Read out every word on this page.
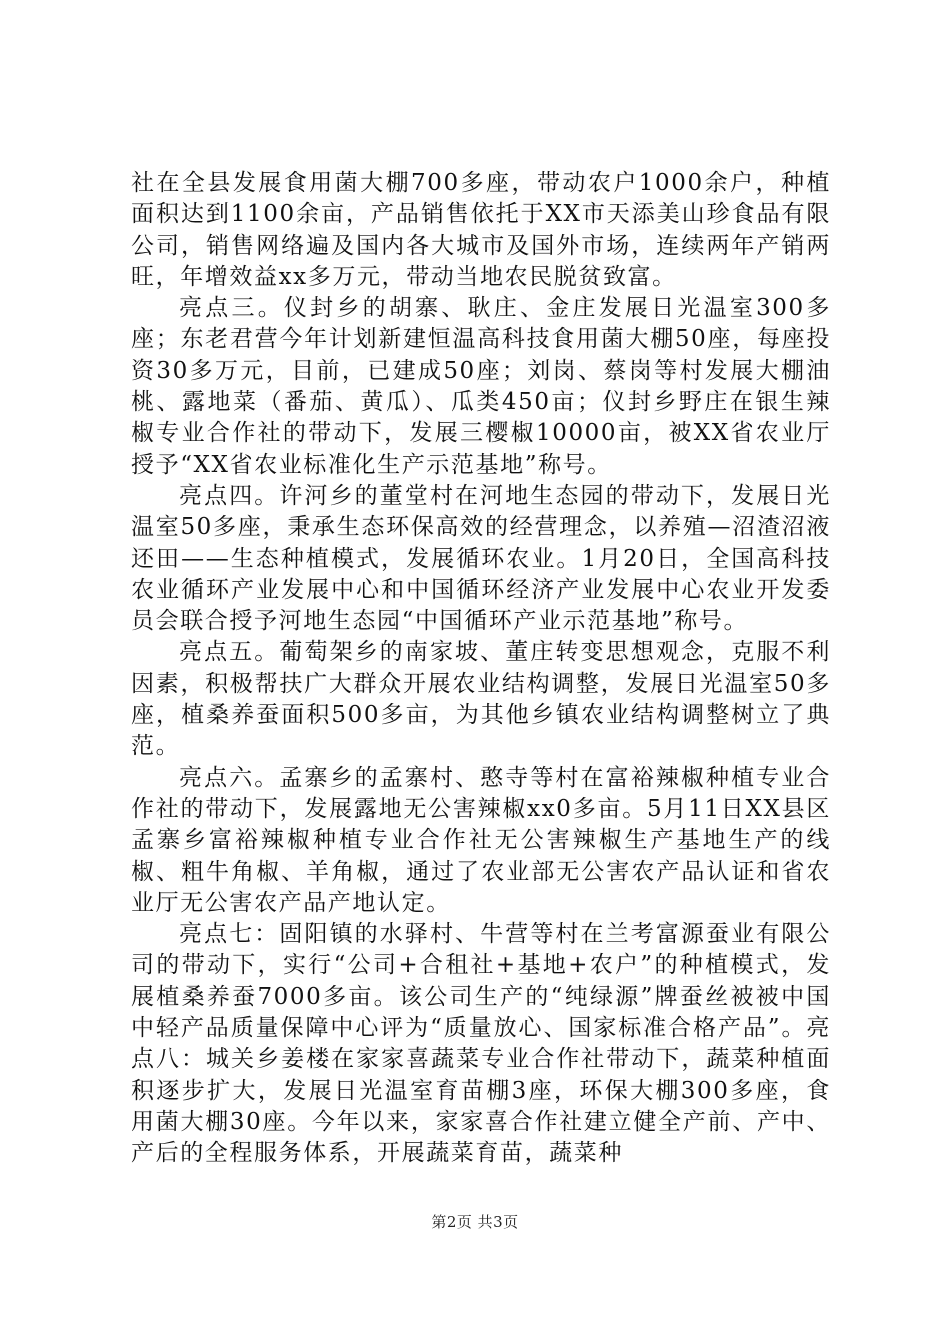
社在全县发展食用菌大棚700多座，带动农户1000余户，种植面积达到1100余亩，产品销售依托于XX市天添美山珍食品有限公司，销售网络遍及国内各大城市及国外市场，连续两年产销两旺，年增效益xx多万元，带动当地农民脱贫致富。

亮点三。仪封乡的胡寨、耿庄、金庄发展日光温室300多座；东老君营今年计划新建恒温高科技食用菌大棚50座，每座投资30多万元，目前，已建成50座；刘岗、蔡岗等村发展大棚油桃、露地菜（番茄、黄瓜）、瓜类450亩；仪封乡野庄在银生辣椒专业合作社的带动下，发展三樱椒10000亩，被XX省农业厅授予“XX省农业标准化生产示范基地”称号。

亮点四。许河乡的董堂村在河地生态园的带动下，发展日光温室50多座，秉承生态环保高效的经营理念，以养殖—沼渣沼液还田——生态种植模式，发展循环农业。1月20日，全国高科技农业循环产业发展中心和中国循环经济产业发展中心农业开发委员会联合授予河地生态园“中国循环产业示范基地”称号。

亮点五。葡萄架乡的南家坡、董庄转变思想观念，克服不利因素，积极帮扶广大群众开展农业结构调整，发展日光温室50多座，植桑养蚕面积500多亩，为其他乡镇农业结构调整树立了典范。

亮点六。孟寨乡的孟寨村、憨寺等村在富裕辣椒种植专业合作社的带动下，发展露地无公害辣椒xx0多亩。5月11日XX县区孟寨乡富裕辣椒种植专业合作社无公害辣椒生产基地生产的线椒、粗牛角椒、羊角椒，通过了农业部无公害农产品认证和省农业厅无公害农产品产地认定。

亮点七：固阳镇的水驿村、牛营等村在兰考富源蚕业有限公司的带动下，实行“公司+合租社+基地+农户”的种植模式，发展植桑养蚕7000多亩。该公司生产的“纯绿源”牌蚕丝被被中国中轻产品质量保障中心评为“质量放心、国家标准合格产品”。亮点八：城关乡姜楼在家家喜蔬菜专业合作社带动下，蔬菜种植面积逐步扩大，发展日光温室育苗棚3座，环保大棚300多座，食用菌大棚30座。今年以来，家家喜合作社建立健全产前、产中、产后的全程服务体系，开展蔬菜育苗，蔬菜种

第2页 共3页
